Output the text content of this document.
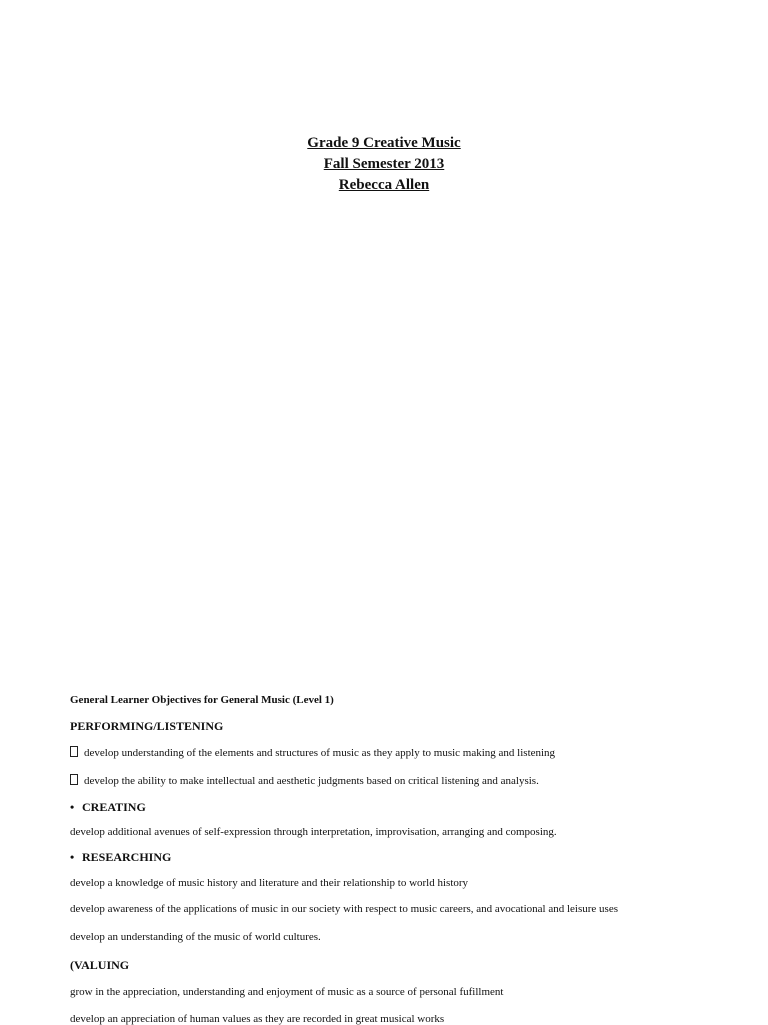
Grade 9 Creative Music
Fall Semester 2013
Rebecca Allen
General Learner Objectives for General Music (Level 1)
PERFORMING/LISTENING
develop understanding of the elements and structures of music as they apply to music making and listening
develop the ability to make intellectual and aesthetic judgments based on critical listening and analysis.
• CREATING
develop additional avenues of self-expression through interpretation, improvisation, arranging and composing.
• RESEARCHING
develop a knowledge of music history and literature and their relationship to world history
develop awareness of the applications of music in our society with respect to music careers, and avocational and leisure uses
develop an understanding of the music of world cultures.
(VALUING
grow in the appreciation, understanding and enjoyment of music as a source of personal fufillment
develop an appreciation of human values as they are recorded in great musical works
